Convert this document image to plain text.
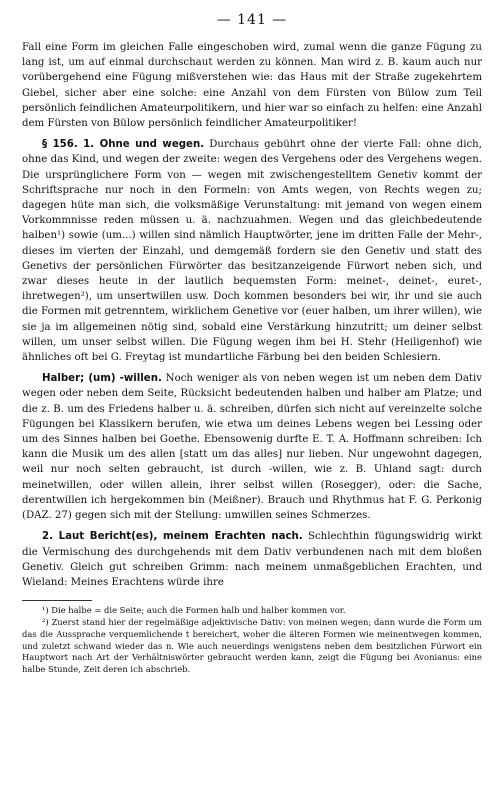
— 141 —

Fall eine Form im gleichen Falle eingeschoben wird, zumal wenn die ganze Fügung zu lang ist, um auf einmal durchschaut werden zu können. Man wird z. B. kaum auch nur vorübergehend eine Fügung mißverstehen wie: das Haus mit der Straße zugekehrtem Giebel, sicher aber eine solche: eine Anzahl von dem Fürsten von Bülow zum Teil persönlich feindlichen Amateurpolitikern, und hier war so einfach zu helfen: eine Anzahl dem Fürsten von Bülow persönlich feindlicher Amateurpolitiker!

§ 156. 1. Ohne und wegen. Durchaus gebührt ohne der vierte Fall: ohne dich, ohne das Kind, und wegen der zweite: wegen des Vergehens oder des Vergehens wegen. Die ursprünglichere Form von — wegen mit zwischengestelltem Genetiv kommt der Schriftsprache nur noch in den Formeln: von Amts wegen, von Rechts wegen zu; dagegen hüte man sich, die volksmäßige Verunstaltung: mit jemand von wegen einem Vorkommnisse reden müssen u. ä. nachzuahmen. Wegen und das gleichbedeutende halben¹) sowie (um...) willen sind nämlich Hauptwörter, jene im dritten Falle der Mehr-, dieses im vierten der Einzahl, und demgemäß fordern sie den Genetiv und statt des Genetivs der persönlichen Fürwörter das besitzanzeigende Fürwort neben sich, und zwar dieses heute in der lautlich bequemsten Form: meinet-, deinet-, euret-, ihretwegen²), um unsertwillen usw. Doch kommen besonders bei wir, ihr und sie auch die Formen mit getrenntem, wirklichem Genetive vor (euer halben, um ihrer willen), wie sie ja im allgemeinen nötig sind, sobald eine Verstärkung hinzutritt; um deiner selbst willen, um unser selbst willen. Die Fügung wegen ihm bei H. Stehr (Heiligenhof) wie ähnliches oft bei G. Freytag ist mundartliche Färbung bei den beiden Schlesiern.

Halber; (um) -willen. Noch weniger als von neben wegen ist um neben dem Dativ wegen oder neben dem Seite, Rücksicht bedeutenden halben und halber am Platze; und die z. B. um des Friedens halber u. ä. schreiben, dürfen sich nicht auf vereinzelte solche Fügungen bei Klassikern berufen, wie etwa um deines Lebens wegen bei Lessing oder um des Sinnes halben bei Goethe. Ebensowenig durfte E. T. A. Hoffmann schreiben: Ich kann die Musik um des allen [statt um das alles] nur lieben. Nur ungewohnt dagegen, weil nur noch selten gebraucht, ist durch -willen, wie z. B. Uhland sagt: durch meinetwillen, oder willen allein, ihrer selbst willen (Rosegger), oder: die Sache, derentwillen ich hergekommen bin (Meißner). Brauch und Rhythmus hat F. G. Perkonig (DAZ. 27) gegen sich mit der Stellung: umwillen seines Schmerzes.

2. Laut Bericht(es), meinem Erachten nach. Schlechthin fügungswidrig wirkt die Vermischung des durchgehends mit dem Dativ verbundenen nach mit dem bloßen Genetiv. Gleich gut schreiben Grimm: nach meinem unmaßgeblichen Erachten, und Wieland: Meines Erachtens würde ihre

¹) Die halbe = die Seite; auch die Formen halb und halber kommen vor.

²) Zuerst stand hier der regelmäßige adjektivische Dativ: von meinen wegen; dann wurde die Form um das die Aussprache verquemlichende t bereichert, woher die älteren Formen wie meinentwegen kommen, und zuletzt schwand wieder das n. Wie auch neuerdings wenigstens neben dem besitzlichen Fürwort ein Hauptwort nach Art der Verhältniswörter gebraucht werden kann, zeigt die Fügung bei Avonianus: eine halbe Stunde, Zeit deren ich abschrieb.
